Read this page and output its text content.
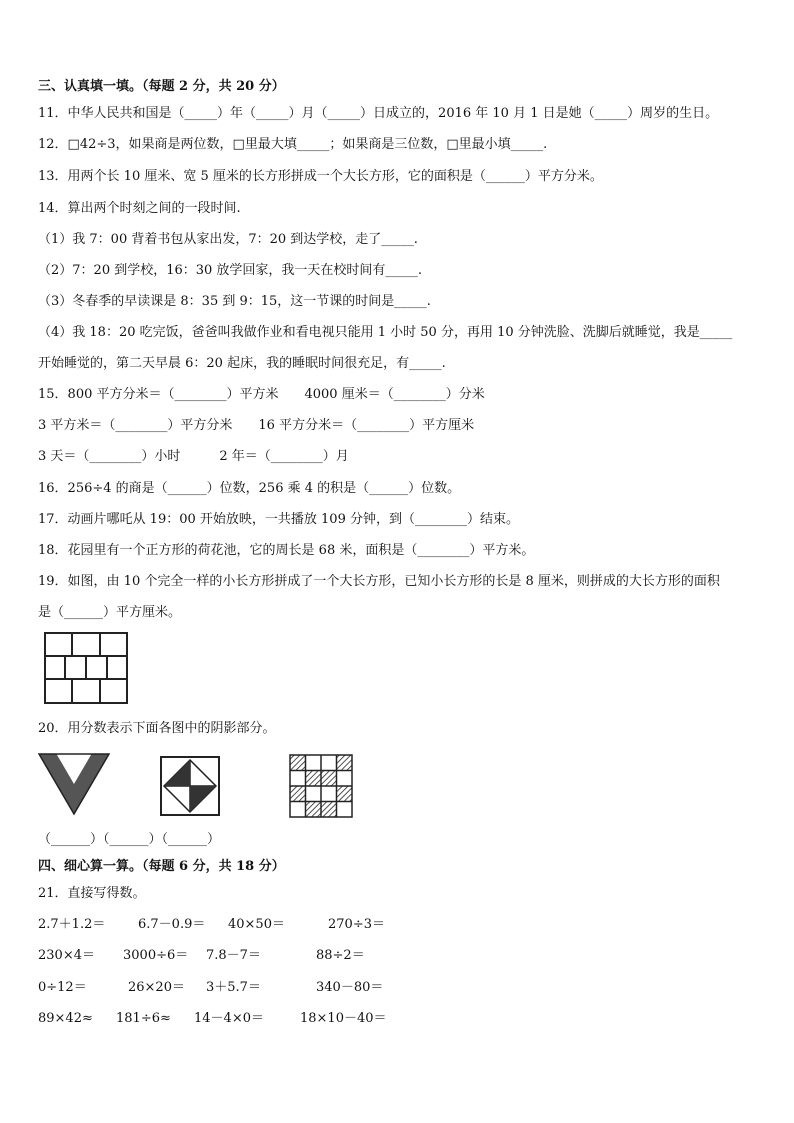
三、认真填一填。（每题 2 分，共 20 分）
11．中华人民共和国是（_____）年（_____）月（_____）日成立的，2016 年 10 月 1 日是她（_____）周岁的生日。
12．□42÷3，如果商是两位数，□里最大填_____；如果商是三位数，□里最小填_____.
13．用两个长 10 厘米、宽 5 厘米的长方形拼成一个大长方形，它的面积是（______）平方分米。
14．算出两个时刻之间的一段时间.
（1）我 7：00 背着书包从家出发，7：20 到达学校，走了_____.
（2）7：20 到学校，16：30 放学回家，我一天在校时间有_____.
（3）冬春季的早读课是 8：35 到 9：15，这一节课的时间是_____.
（4）我 18：20 吃完饭，爸爸叫我做作业和看电视只能用 1 小时 50 分，再用 10 分钟洗脸、洗脚后就睡觉，我是_____
开始睡觉的，第二天早晨 6：20 起床，我的睡眠时间很充足，有_____.
15．800 平方分米＝（________）平方米　　4000 厘米＝（________）分米
3 平方米＝（________）平方分米　　16 平方分米＝（________）平方厘米
3 天＝（________）小时　　　2 年＝（________）月
16．256÷4 的商是（______）位数，256 乘 4 的积是（______）位数。
17．动画片哪吒从 19：00 开始放映，一共播放 109 分钟，到（________）结束。
18．花园里有一个正方形的荷花池，它的周长是 68 米，面积是（________）平方米。
19．如图，由 10 个完全一样的小长方形拼成了一个大长方形，已知小长方形的长是 8 厘米，则拼成的大长方形的面积
是（______）平方厘米。
20．用分数表示下面各图中的阴影部分。
（______）（______）（______）
四、细心算一算。（每题 6 分，共 18 分）
21．直接写得数。
2.7＋1.2＝	6.7－0.9＝ 40×50＝	270÷3＝
230×4＝ 3000÷6＝ 7.8－7＝	88÷2＝
0÷12＝	26×20＝ 3＋5.7＝	340－80＝
89×42≈ 181÷6≈ 14－4×0＝	18×10－40＝
